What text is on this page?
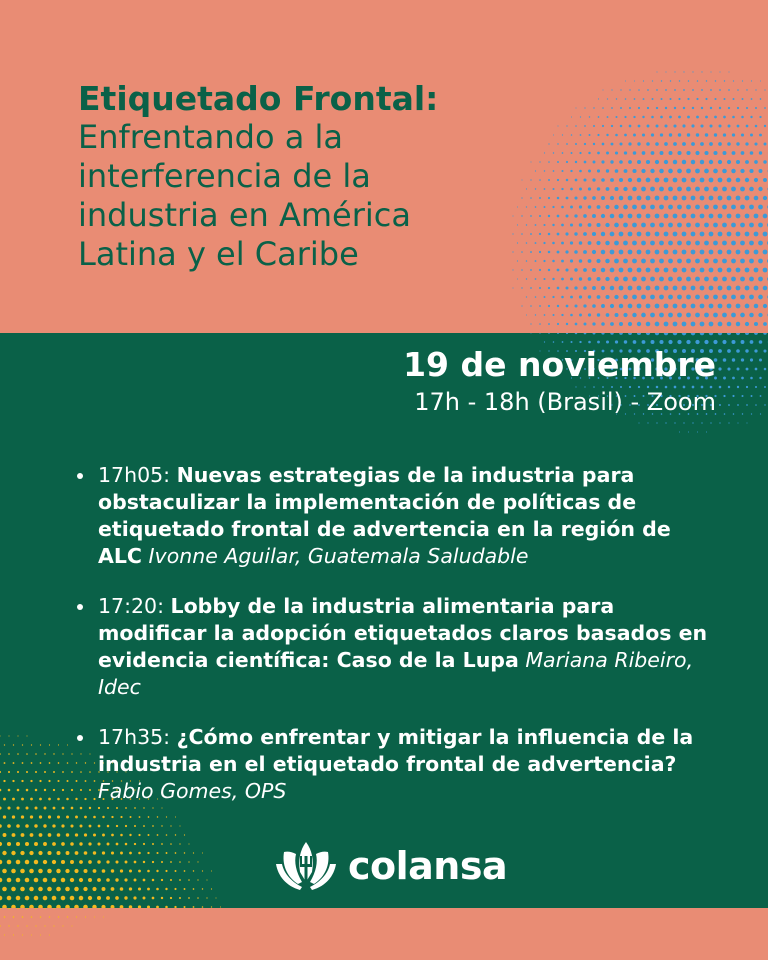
Etiquetado Frontal:
Enfrentando a la
interferencia de la
industria en América
Latina y el Caribe
19 de noviembre
17h - 18h (Brasil) - Zoom
17h05: Nuevas estrategias de la industria para obstaculizar la implementación de políticas de etiquetado frontal de advertencia en la región de ALC Ivonne Aguilar, Guatemala Saludable
17:20: Lobby de la industria alimentaria para modificar la adopción etiquetados claros basados en evidencia científica: Caso de la Lupa Mariana Ribeiro, Idec
17h35: ¿Cómo enfrentar y mitigar la influencia de la industria en el etiquetado frontal de advertencia? Fabio Gomes, OPS
colansa
